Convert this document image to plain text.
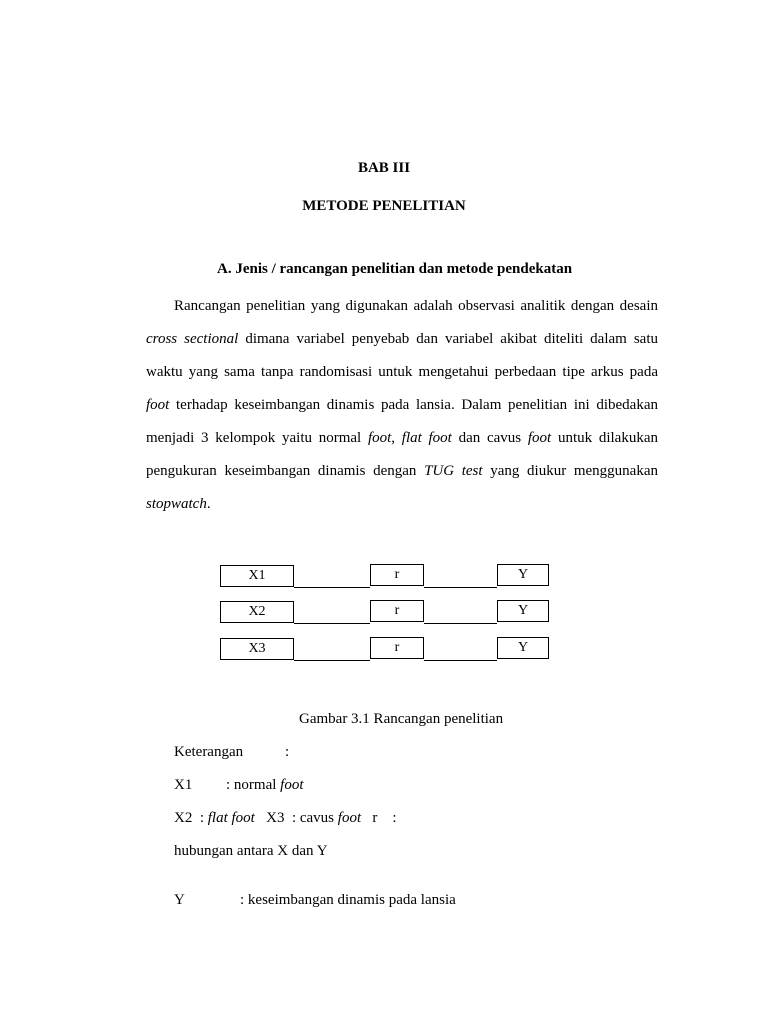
BAB III
METODE PENELITIAN
A. Jenis / rancangan penelitian dan metode pendekatan
Rancangan penelitian yang digunakan adalah observasi analitik dengan desain
cross sectional dimana variabel penyebab dan variabel akibat diteliti dalam satu
waktu yang sama tanpa randomisasi untuk mengetahui perbedaan tipe arkus pada
foot terhadap keseimbangan dinamis pada lansia. Dalam penelitian ini dibedakan
menjadi 3 kelompok yaitu normal foot, flat foot dan cavus foot untuk dilakukan
pengukuran keseimbangan dinamis dengan TUG test yang diukur menggunakan
stopwatch.
X1	r	Y
X2	r	Y
X3	r	Y
Gambar 3.1 Rancangan penelitian
Keterangan	:
X1 : normal foot
X2 : flat foot X3 : cavus foot r :
hubungan antara X dan Y
Y	: keseimbangan dinamis pada lansia
